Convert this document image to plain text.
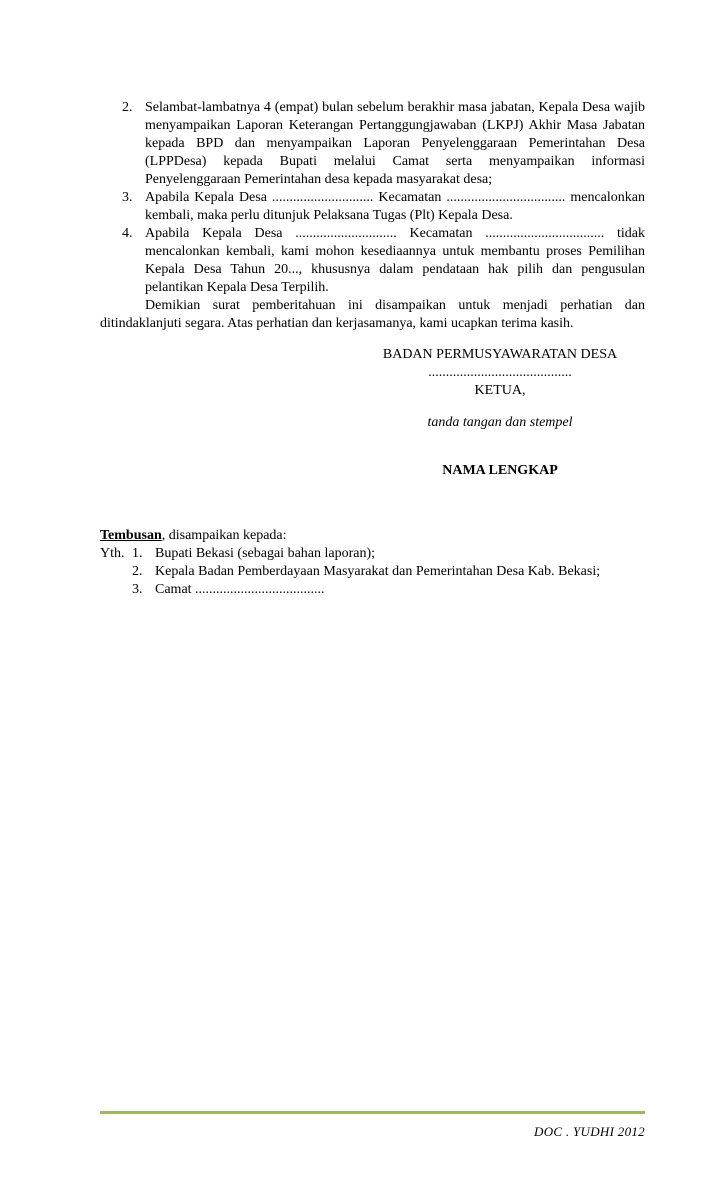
2. Selambat-lambatnya 4 (empat) bulan sebelum berakhir masa jabatan, Kepala Desa wajib menyampaikan Laporan Keterangan Pertanggungjawaban (LKPJ) Akhir Masa Jabatan kepada BPD dan menyampaikan Laporan Penyelenggaraan Pemerintahan Desa (LPPDesa) kepada Bupati melalui Camat serta menyampaikan informasi Penyelenggaraan Pemerintahan desa kepada masyarakat desa;
3. Apabila Kepala Desa ............................. Kecamatan .................................. mencalonkan kembali, maka perlu ditunjuk Pelaksana Tugas (Plt) Kepala Desa.
4. Apabila Kepala Desa ............................. Kecamatan .................................. tidak mencalonkan kembali, kami mohon kesediaannya untuk membantu proses Pemilihan Kepala Desa Tahun 20..., khususnya dalam pendataan hak pilih dan pengusulan pelantikan Kepala Desa Terpilih.

Demikian surat pemberitahuan ini disampaikan untuk menjadi perhatian dan ditindaklanjuti segara. Atas perhatian dan kerjasamanya, kami ucapkan terima kasih.

BADAN PERMUSYAWARATAN DESA
.........................................
KETUA,
tanda tangan dan stempel
NAMA LENGKAP
Tembusan, disampaikan kepada:
Yth. 1. Bupati Bekasi (sebagai bahan laporan);
2. Kepala Badan Pemberdayaan Masyarakat dan Pemerintahan Desa Kab. Bekasi;
3. Camat .....................................
DOC . YUDHI 2012
